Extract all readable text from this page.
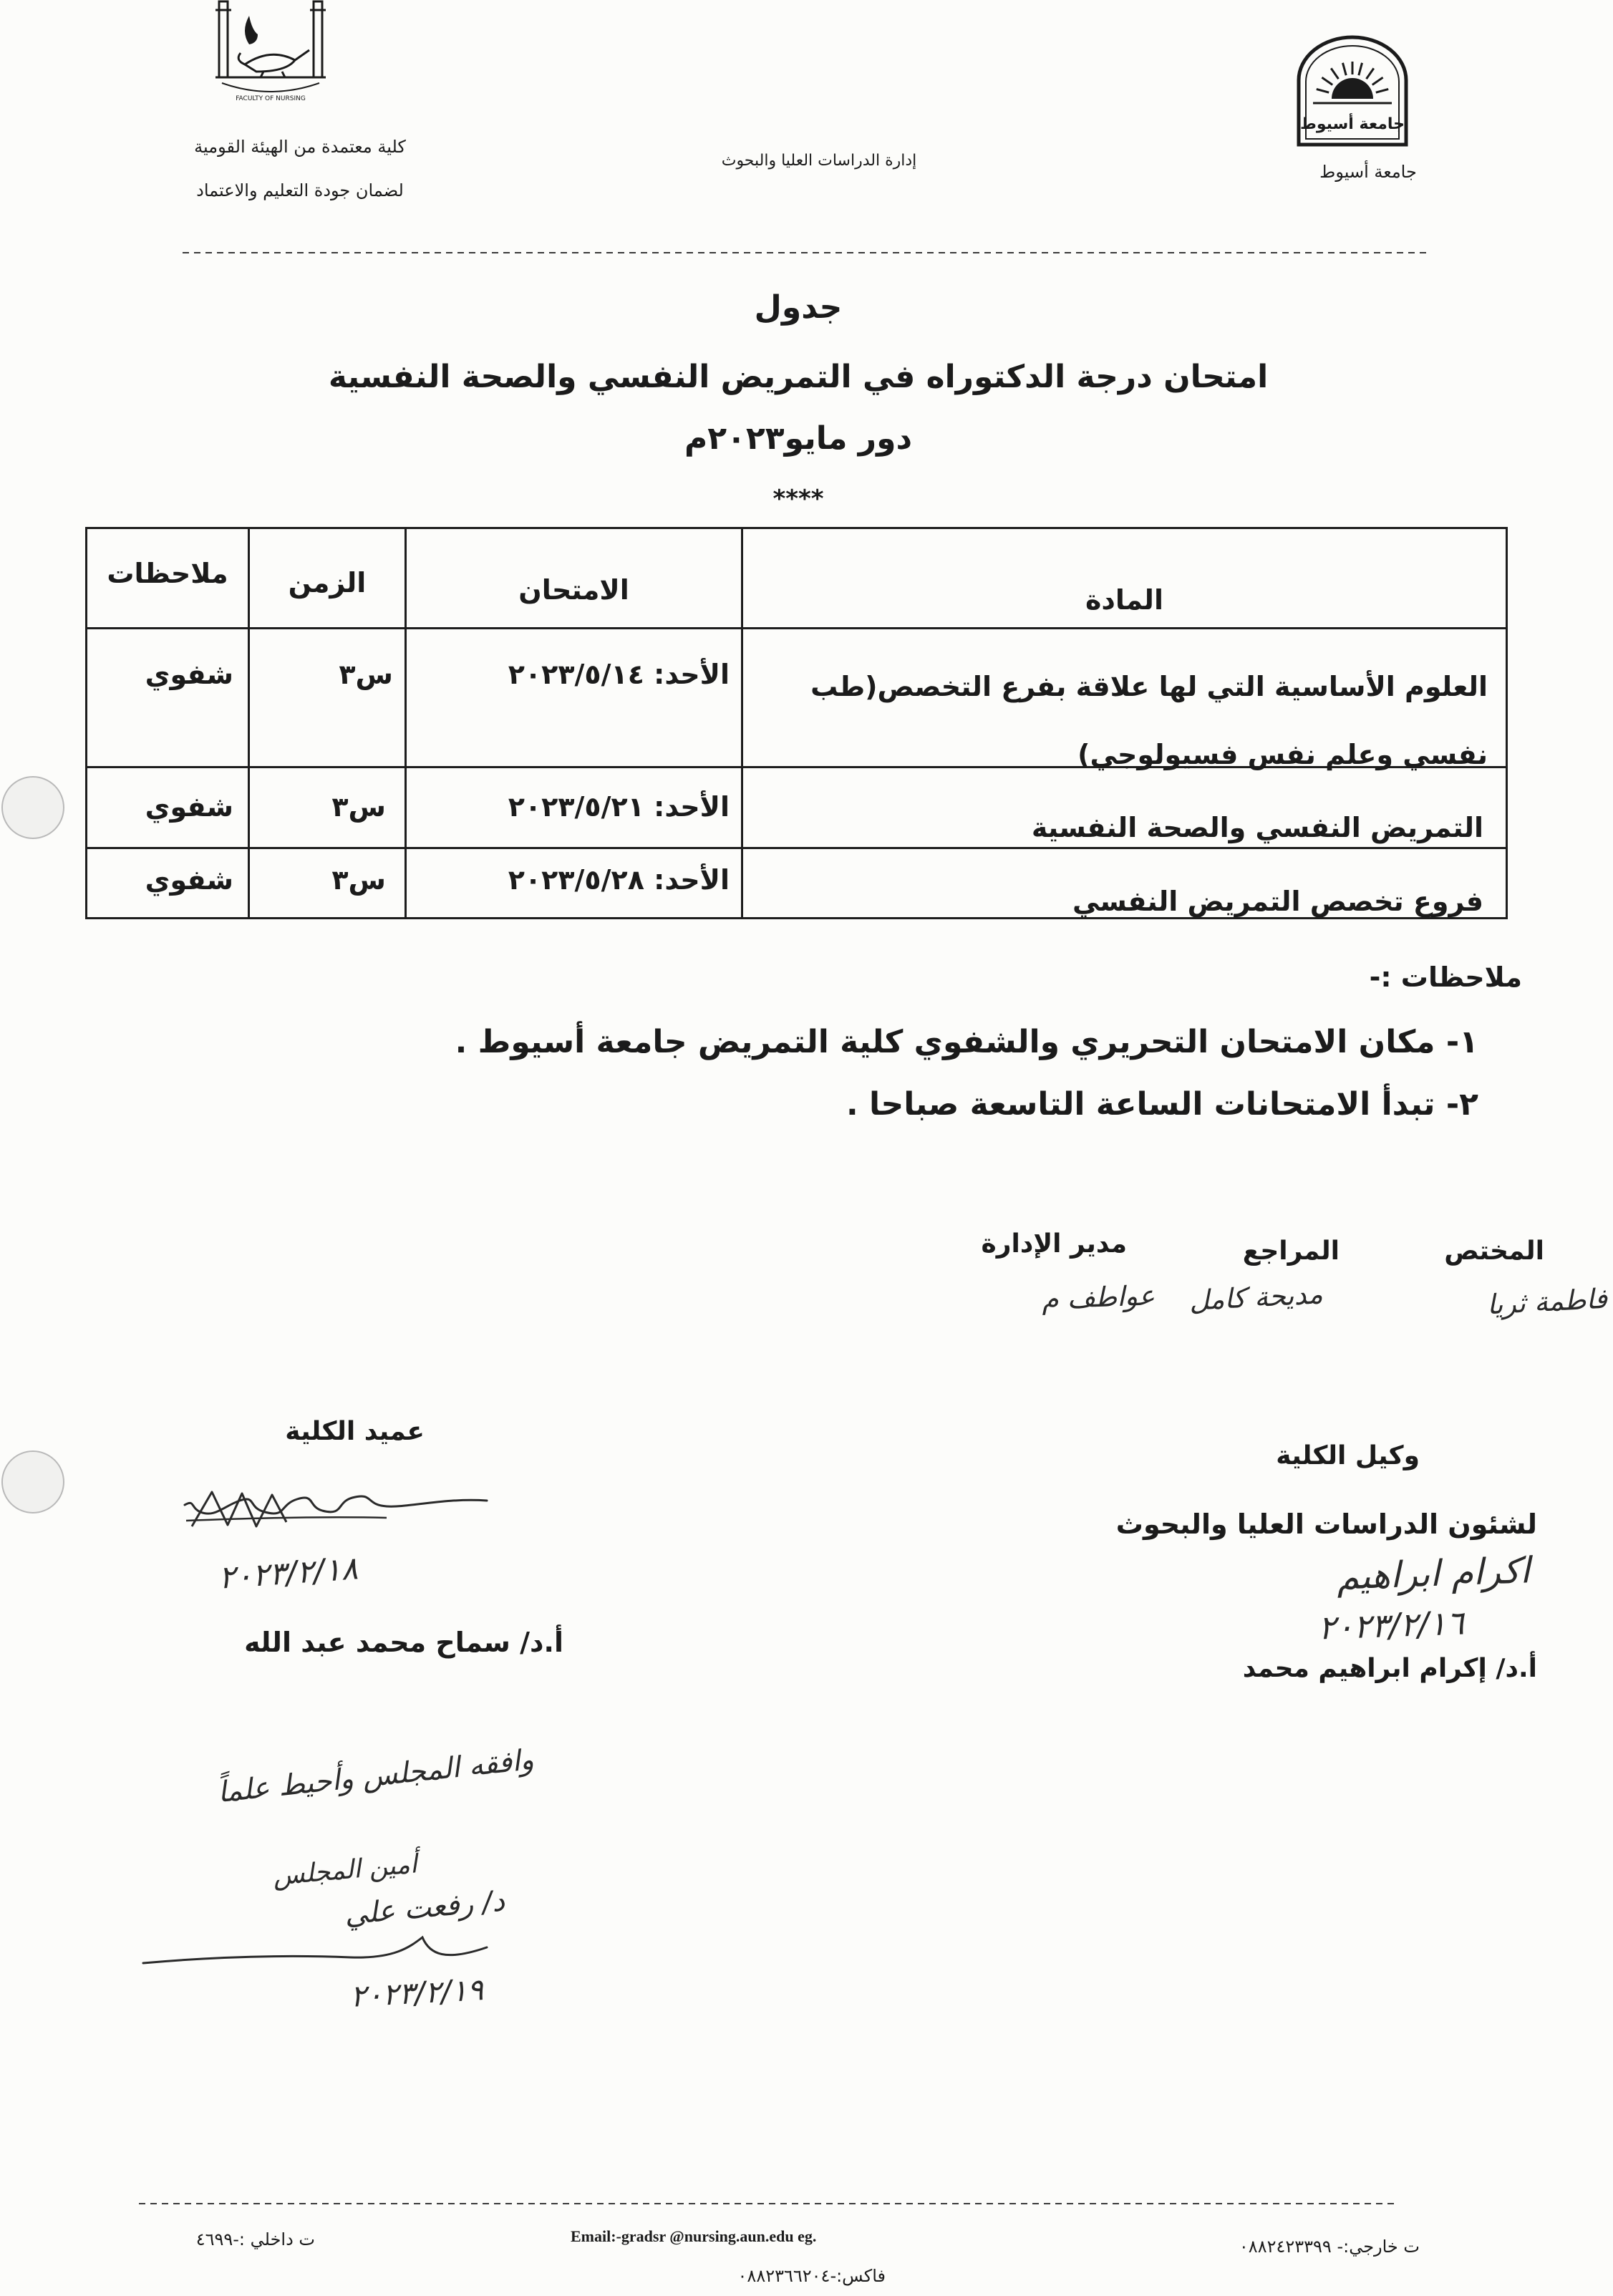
FACULTY OF NURSING
كلية معتمدة من الهيئة القومية
لضمان جودة التعليم والاعتماد
إدارة الدراسات العليا والبحوث
جامعة أسيوط
جامعة أسيوط
جدول
امتحان درجة الدكتوراه في التمريض النفسي والصحة النفسية
دور مايو٢٠٢٣م
****
المادة
الامتحان
الزمن
ملاحظات
العلوم الأساسية التي لها علاقة بفرع التخصص(طب
نفسي وعلم نفس فسيولوجي)
الأحد: ٢٠٢٣/٥/١٤
٣س
شفوي
التمريض النفسي والصحة النفسية
الأحد: ٢٠٢٣/٥/٢١
٣س
شفوي
فروع تخصص التمريض النفسي
الأحد: ٢٠٢٣/٥/٢٨
٣س
شفوي
ملاحظات :-
١- مكان الامتحان التحريري والشفوي كلية التمريض جامعة أسيوط .
٢- تبدأ الامتحانات الساعة التاسعة صباحا .
المختص
المراجع
مدير الإدارة
فاطمة ثريا
مديحة كامل
عواطف م
عميد الكلية
٢٠٢٣/٢/١٨
أ.د/ سماح محمد عبد الله
وكيل الكلية
لشئون الدراسات العليا والبحوث
اكرام ابراهيم
٢٠٢٣/٢/١٦
أ.د/ إكرام ابراهيم محمد
وافقه المجلس وأحيط علماً
أمين المجلس
د/ رفعت علي
٢٠٢٣/٢/١٩
ت داخلي :-٤٦٩٩	Email:-gradsr @nursing.aun.edu eg.
ت خارجي:- ٠٨٨٢٤٢٣٣٩٩
فاكس:-٠٨٨٢٣٦٦٢٠٤
